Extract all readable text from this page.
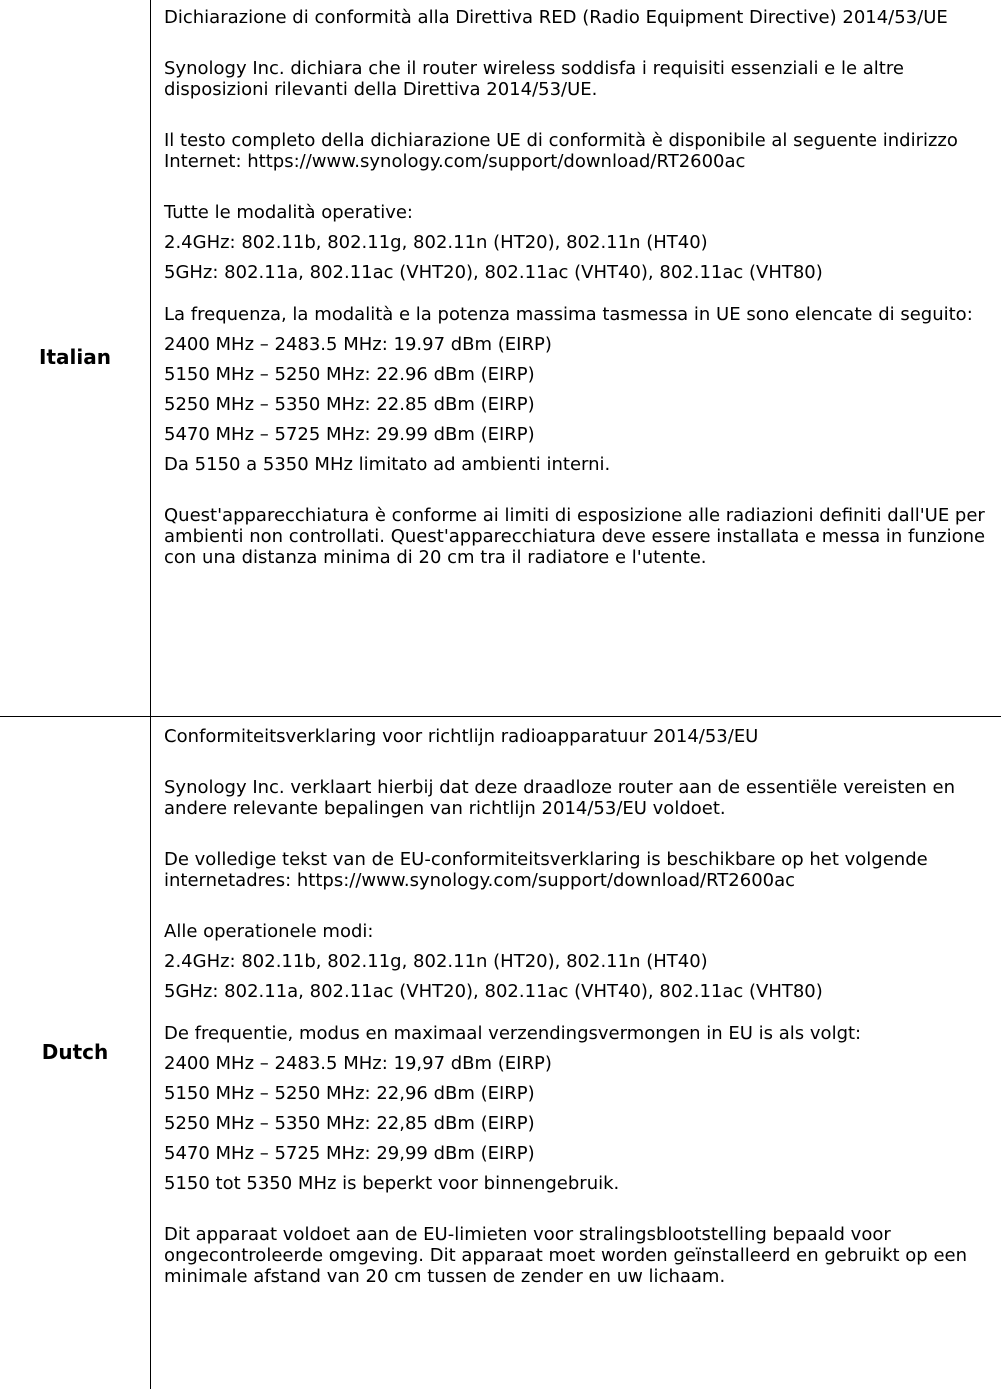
Italian

Dichiarazione di conformità alla Direttiva RED (Radio Equipment Directive) 2014/53/UE

Synology Inc. dichiara che il router wireless soddisfa i requisiti essenziali e le altre disposizioni rilevanti della Direttiva 2014/53/UE.

Il testo completo della dichiarazione UE di conformità è disponibile al seguente indirizzo Internet: https://www.synology.com/support/download/RT2600ac

Tutte le modalità operative:
2.4GHz: 802.11b, 802.11g, 802.11n (HT20), 802.11n (HT40)
5GHz: 802.11a, 802.11ac (VHT20), 802.11ac (VHT40), 802.11ac (VHT80)

La frequenza, la modalità e la potenza massima tasmessa in UE sono elencate di seguito:

2400 MHz – 2483.5 MHz: 19.97 dBm (EIRP)
5150 MHz – 5250 MHz: 22.96 dBm (EIRP)
5250 MHz – 5350 MHz: 22.85 dBm (EIRP)
5470 MHz – 5725 MHz: 29.99 dBm (EIRP)
Da 5150 a 5350 MHz limitato ad ambienti interni.

Quest'apparecchiatura è conforme ai limiti di esposizione alle radiazioni definiti dall'UE per ambienti non controllati. Quest'apparecchiatura deve essere installata e messa in funzione con una distanza minima di 20 cm tra il radiatore e l'utente.

Dutch

Conformiteitsverklaring voor richtlijn radioapparatuur 2014/53/EU

Synology Inc. verklaart hierbij dat deze draadloze router aan de essentiële vereisten en andere relevante bepalingen van richtlijn 2014/53/EU voldoet.

De volledige tekst van de EU-conformiteitsverklaring is beschikbare op het volgende internetadres: https://www.synology.com/support/download/RT2600ac

Alle operationele modi:
2.4GHz: 802.11b, 802.11g, 802.11n (HT20), 802.11n (HT40)
5GHz: 802.11a, 802.11ac (VHT20), 802.11ac (VHT40), 802.11ac (VHT80)

De frequentie, modus en maximaal verzendingsvermongen in EU is als volgt:

2400 MHz – 2483.5 MHz: 19,97 dBm (EIRP)
5150 MHz – 5250 MHz: 22,96 dBm (EIRP)
5250 MHz – 5350 MHz: 22,85 dBm (EIRP)
5470 MHz – 5725 MHz: 29,99 dBm (EIRP)
5150 tot 5350 MHz is beperkt voor binnengebruik.

Dit apparaat voldoet aan de EU-limieten voor stralingsblootstelling bepaald voor ongecontroleerde omgeving. Dit apparaat moet worden geïnstalleerd en gebruikt op een minimale afstand van 20 cm tussen de zender en uw lichaam.
